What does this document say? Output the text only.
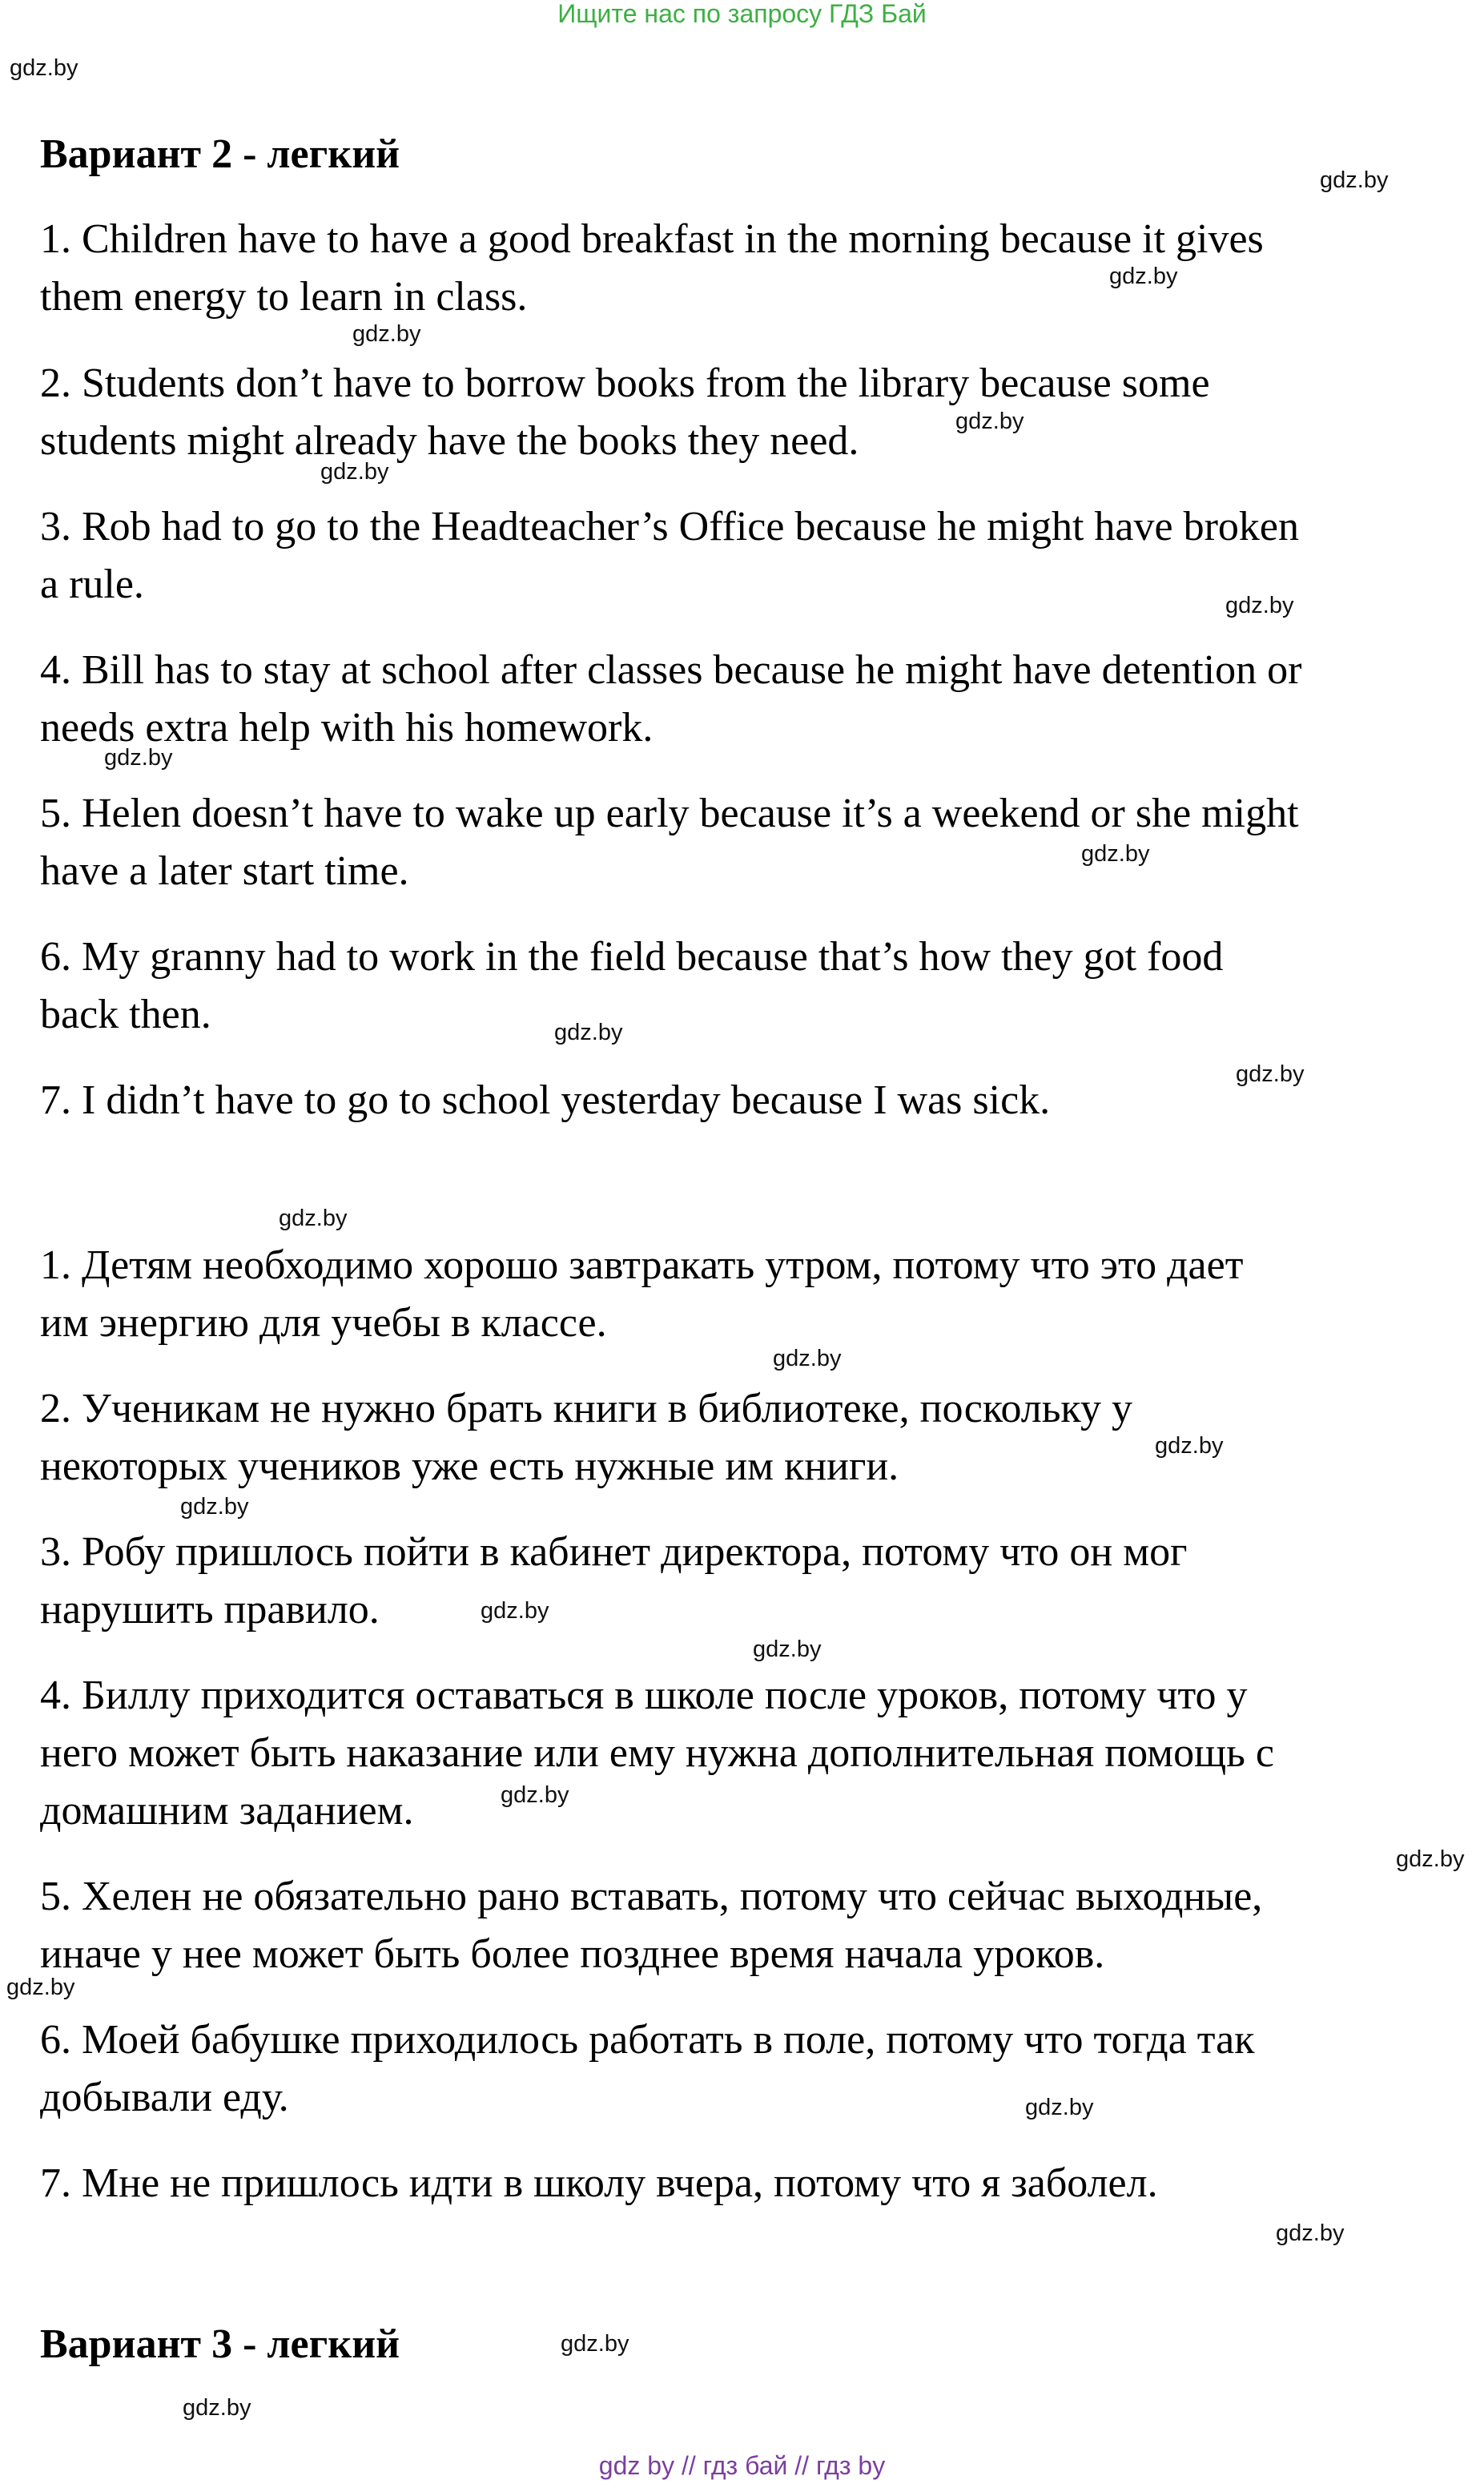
Ищите нас по запросу ГДЗ Бай
Вариант 2 - легкий
1. Children have to have a good breakfast in the morning because it gives
them energy to learn in class.
2. Students don’t have to borrow books from the library because some
students might already have the books they need.
3. Rob had to go to the Headteacher’s Office because he might have broken
a rule.
4. Bill has to stay at school after classes because he might have detention or
needs extra help with his homework.
5. Helen doesn’t have to wake up early because it’s a weekend or she might
have a later start time.
6. My granny had to work in the field because that’s how they got food
back then.
7. I didn’t have to go to school yesterday because I was sick.
1. Детям необходимо хорошо завтракать утром, потому что это дает
им энергию для учебы в классе.
2. Ученикам не нужно брать книги в библиотеке, поскольку у
некоторых учеников уже есть нужные им книги.
3. Робу пришлось пойти в кабинет директора, потому что он мог
нарушить правило.
4. Биллу приходится оставаться в школе после уроков, потому что у
него может быть наказание или ему нужна дополнительная помощь с
домашним заданием.
5. Хелен не обязательно рано вставать, потому что сейчас выходные,
иначе у нее может быть более позднее время начала уроков.
6. Моей бабушке приходилось работать в поле, потому что тогда так
добывали еду.
7. Мне не пришлось идти в школу вчера, потому что я заболел.
Вариант 3 - легкий
gdz.by
gdz.by
gdz.by
gdz.by
gdz.by
gdz.by
gdz.by
gdz.by
gdz.by
gdz.by
gdz.by
gdz.by
gdz.by
gdz.by
gdz.by
gdz.by
gdz.by
gdz.by
gdz.by
gdz.by
gdz.by
gdz.by
gdz.by
gdz.by
gdz by // гдз бай // гдз by
